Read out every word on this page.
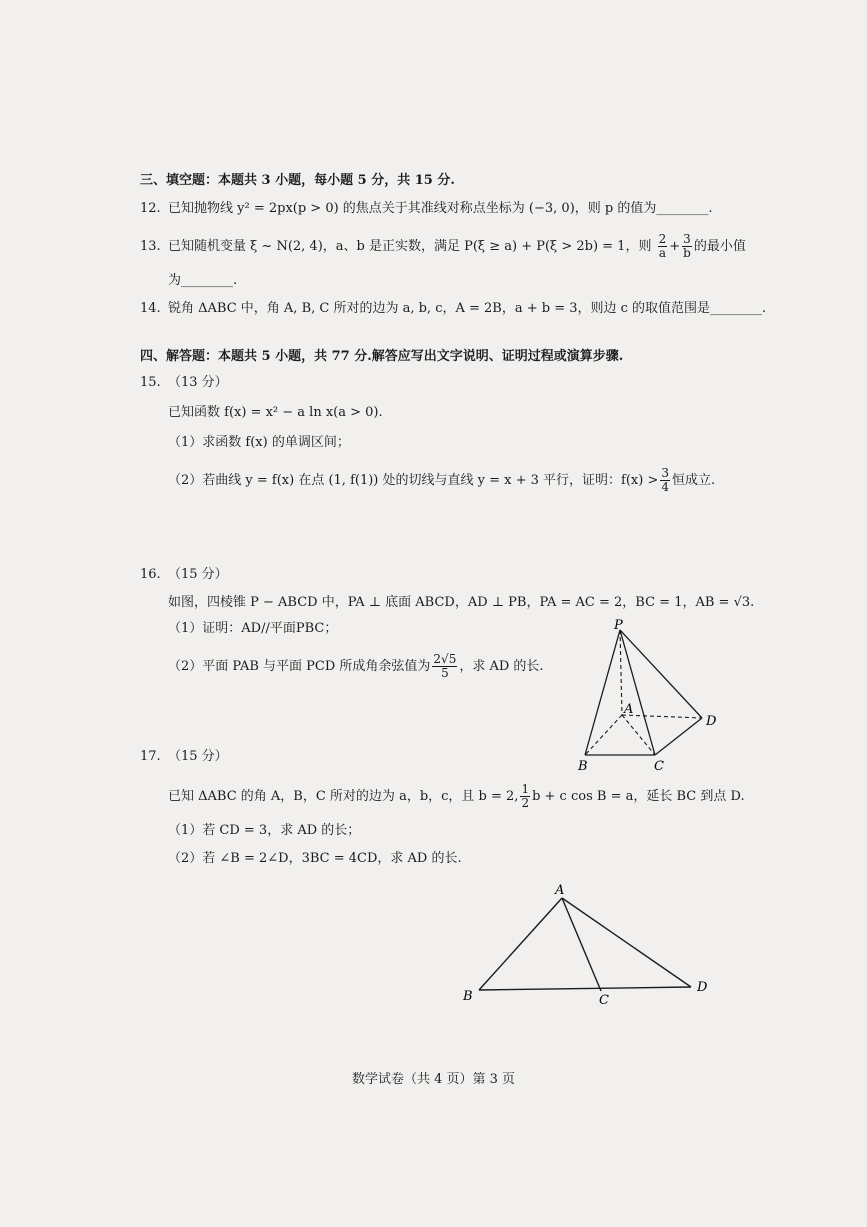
三、填空题：本题共 3 小题，每小题 5 分，共 15 分.
12. 已知抛物线 y² = 2px(p > 0) 的焦点关于其准线对称点坐标为 (−3, 0)，则 p 的值为________.
13. 已知随机变量 ξ ~ N(2, 4)，a、b 是正实数，满足 P(ξ ≥ a) + P(ξ > 2b) = 1，则 $\frac{2}{a} + \frac{3}{b}$ 的最小值
为________.
14. 锐角 ΔABC 中，角 A, B, C 所对的边为 a, b, c，A = 2B，a + b = 3，则边 c 的取值范围是________.
四、解答题：本题共 5 小题，共 77 分.解答应写出文字说明、证明过程或演算步骤.
15. （13 分）
已知函数 f(x) = x² − a ln x(a > 0).
（1）求函数 f(x) 的单调区间；
（2）若曲线 y = f(x) 在点 (1, f(1)) 处的切线与直线 y = x + 3 平行，证明：$f(x) > \frac{3}{4}$ 恒成立.
16. （15 分）
如图，四棱锥 P − ABCD 中，PA ⊥ 底面 ABCD，AD ⊥ PB，PA = AC = 2，BC = 1，AB = √3.
（1）证明：AD//平面PBC；
（2）平面 PAB 与平面 PCD 所成角余弦值为 $\frac{2√5}{5}$ ，求 AD 的长.
P
A
B	C
D
17. （15 分）
已知 ΔABC 的角 A，B，C 所对的边为 a，b，c，且 b = 2, $\frac{1}{2}$ b + c cos B = a，延长 BC 到点 D.
（1）若 CD = 3，求 AD 的长；
（2）若 ∠B = 2∠D，3BC = 4CD，求 AD 的长.
A
B	C
D
数学试卷（共 4 页）第 3 页
